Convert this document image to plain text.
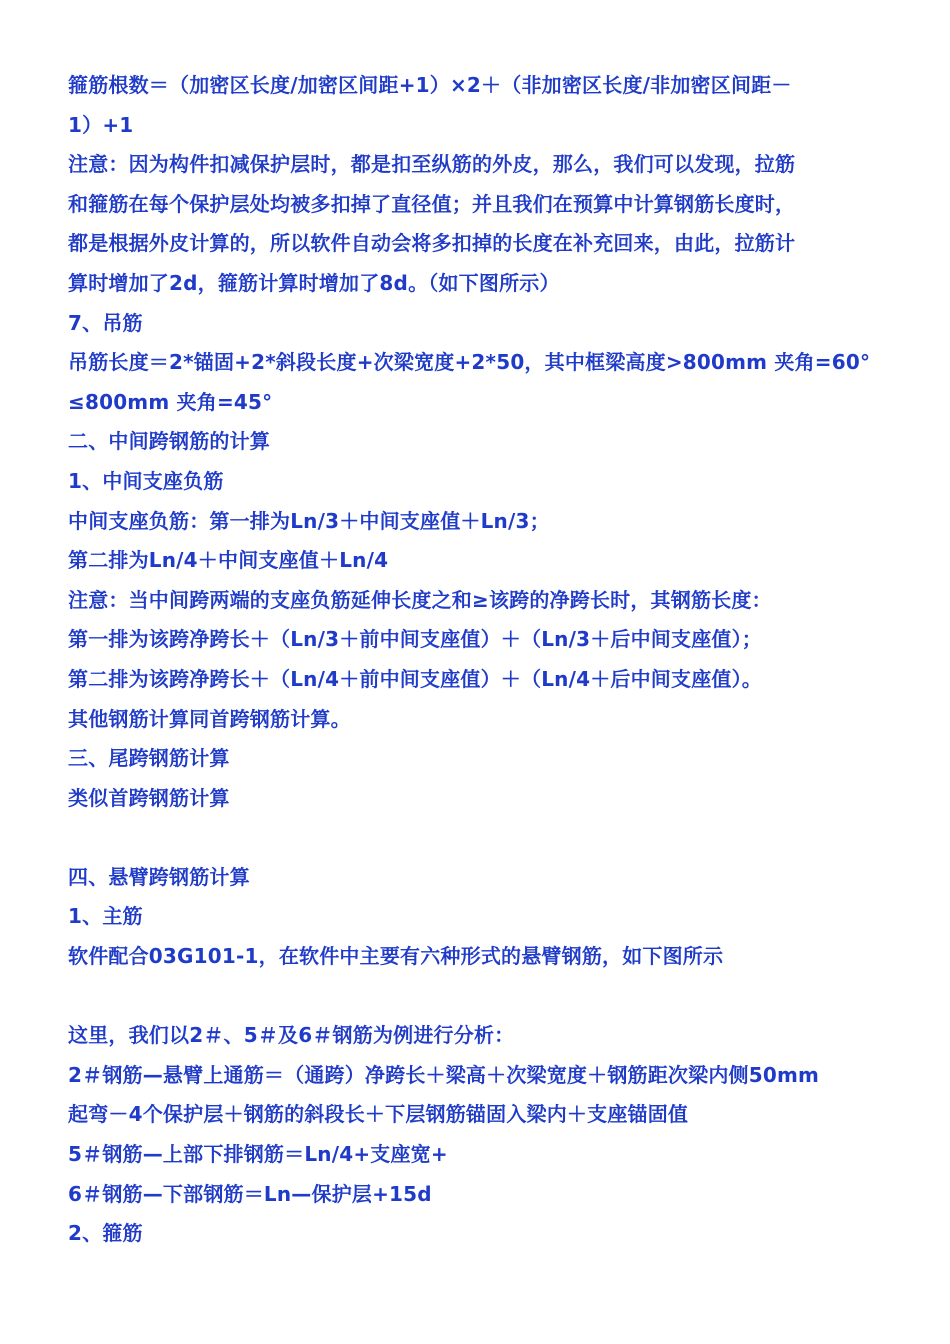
箍筋根数＝（加密区长度/加密区间距+1）×2＋（非加密区长度/非加密区间距－
1）+1
注意：因为构件扣减保护层时，都是扣至纵筋的外皮，那么，我们可以发现，拉筋
和箍筋在每个保护层处均被多扣掉了直径值；并且我们在预算中计算钢筋长度时，
都是根据外皮计算的，所以软件自动会将多扣掉的长度在补充回来，由此，拉筋计
算时增加了2d，箍筋计算时增加了8d。（如下图所示）
7、吊筋
吊筋长度＝2*锚固+2*斜段长度+次梁宽度+2*50，其中框梁高度>800mm 夹角=60°
≤800mm 夹角=45°
二、中间跨钢筋的计算
1、中间支座负筋
中间支座负筋：第一排为Ln/3＋中间支座值＋Ln/3；
第二排为Ln/4＋中间支座值＋Ln/4
注意：当中间跨两端的支座负筋延伸长度之和≥该跨的净跨长时，其钢筋长度：
第一排为该跨净跨长＋（Ln/3＋前中间支座值）＋（Ln/3＋后中间支座值）；
第二排为该跨净跨长＋（Ln/4＋前中间支座值）＋（Ln/4＋后中间支座值）。
其他钢筋计算同首跨钢筋计算。
三、尾跨钢筋计算
类似首跨钢筋计算
四、悬臂跨钢筋计算
1、主筋
软件配合03G101-1，在软件中主要有六种形式的悬臂钢筋，如下图所示
这里，我们以2＃、5＃及6＃钢筋为例进行分析：
2＃钢筋—悬臂上通筋＝（通跨）净跨长＋梁高＋次梁宽度＋钢筋距次梁内侧50mm
起弯－4个保护层＋钢筋的斜段长＋下层钢筋锚固入梁内＋支座锚固值
5＃钢筋—上部下排钢筋＝Ln/4+支座宽+
6＃钢筋—下部钢筋＝Ln—保护层+15d
2、箍筋
